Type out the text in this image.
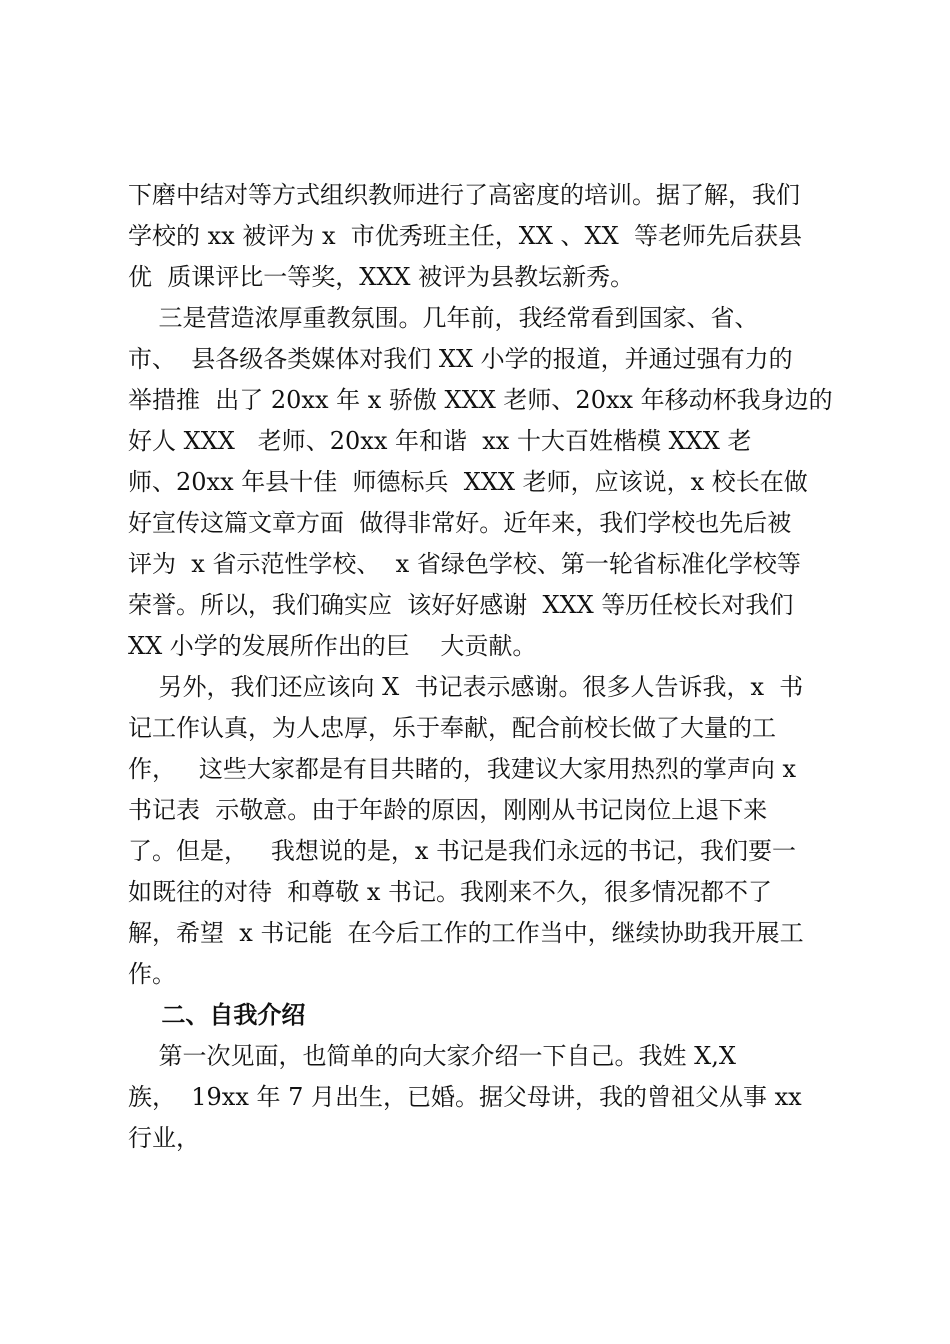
下磨中结对等方式组织教师进行了高密度的培训。据了解，我们
学校的 xx 被评为 x  市优秀班主任，XX 、XX  等老师先后获县
优  质课评比一等奖，XXX 被评为县教坛新秀。
三是营造浓厚重教氛围。几年前，我经常看到国家、省、
市、  县各级各类媒体对我们 XX 小学的报道，并通过强有力的
举措推  出了 20xx 年 x 骄傲 XXX 老师、20xx 年移动杯我身边的
好人 XXX   老师、20xx 年和谐  xx 十大百姓楷模 XXX 老
师、20xx 年县十佳  师德标兵  XXX 老师，应该说，x 校长在做
好宣传这篇文章方面  做得非常好。近年来，我们学校也先后被
评为  x 省示范性学校、  x 省绿色学校、第一轮省标准化学校等
荣誉。所以，我们确实应  该好好感谢  XXX 等历任校长对我们
XX 小学的发展所作出的巨    大贡献。
另外，我们还应该向 X  书记表示感谢。很多人告诉我，x  书
记工作认真，为人忠厚，乐于奉献，配合前校长做了大量的工
作，   这些大家都是有目共睹的，我建议大家用热烈的掌声向 x
书记表  示敬意。由于年龄的原因，刚刚从书记岗位上退下来
了。但是，   我想说的是，x 书记是我们永远的书记，我们要一
如既往的对待  和尊敬 x 书记。我刚来不久，很多情况都不了
解，希望  x 书记能  在今后工作的工作当中，继续协助我开展工
作。
二、自我介绍
第一次见面，也简单的向大家介绍一下自己。我姓 X,X
族，  19xx 年 7 月出生，已婚。据父母讲，我的曾祖父从事 xx
行业，
